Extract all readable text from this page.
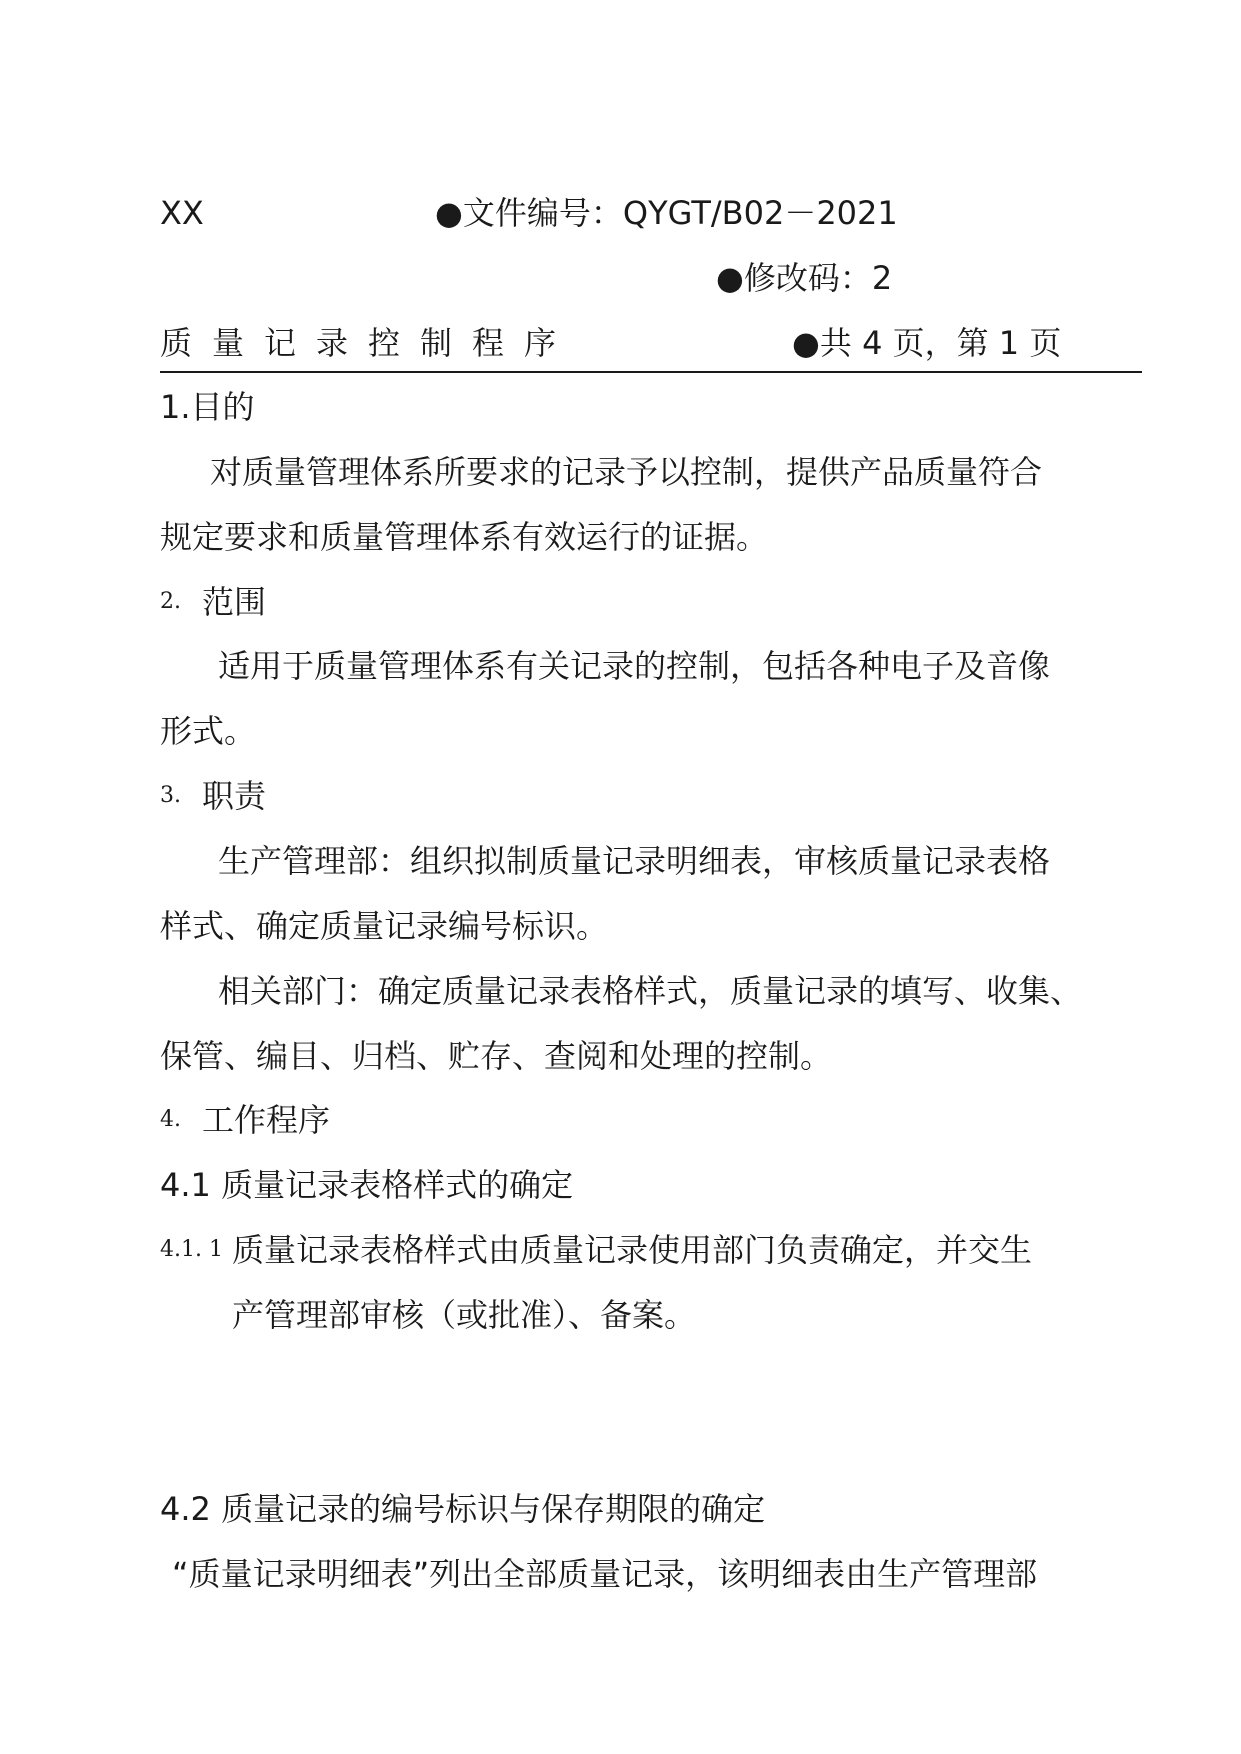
XX	●文件编号：QYGT/B02－2021
●修改码：2
质量记录控制程序	●共 4 页，第 1 页
1.目的
对质量管理体系所要求的记录予以控制，提供产品质量符合
规定要求和质量管理体系有效运行的证据。
2. 范围
适用于质量管理体系有关记录的控制，包括各种电子及音像
形式。
3. 职责
生产管理部：组织拟制质量记录明细表，审核质量记录表格
样式、确定质量记录编号标识。
相关部门：确定质量记录表格样式，质量记录的填写、收集、
保管、编目、归档、贮存、查阅和处理的控制。
4. 工作程序
4.1 质量记录表格样式的确定
4.1. 1 质量记录表格样式由质量记录使用部门负责确定，并交生
产管理部审核（或批准）、备案。
4.2 质量记录的编号标识与保存期限的确定
“质量记录明细表”列出全部质量记录，该明细表由生产管理部
